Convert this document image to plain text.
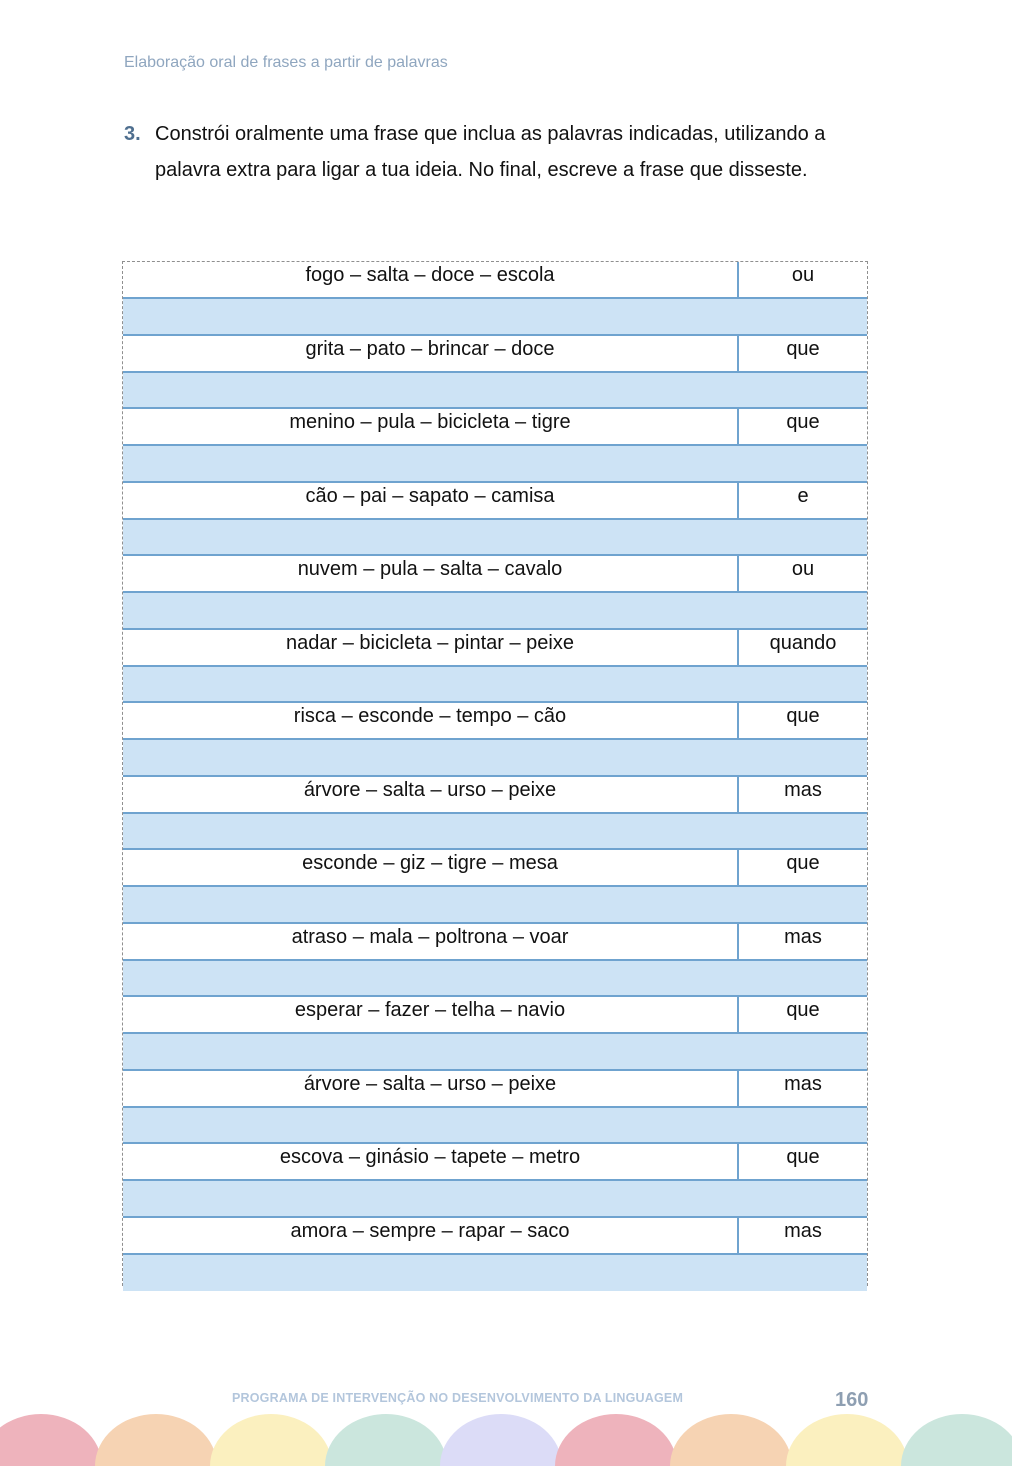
Elaboração oral de frases a partir de palavras
3. Constrói oralmente uma frase que inclua as palavras indicadas, utilizando a palavra extra para ligar a tua ideia. No final, escreve a frase que disseste.
fogo – salta – doce – escola	ou
grita – pato – brincar – doce	que
menino – pula – bicicleta – tigre	que
cão – pai – sapato – camisa	e
nuvem – pula – salta – cavalo	ou
nadar – bicicleta – pintar – peixe	quando
risca – esconde – tempo – cão	que
árvore – salta – urso – peixe	mas
esconde – giz – tigre – mesa	que
atraso – mala – poltrona – voar	mas
esperar – fazer – telha – navio	que
árvore – salta – urso – peixe	mas
escova – ginásio – tapete – metro	que
amora – sempre – rapar – saco	mas
PROGRAMA DE INTERVENÇÃO NO DESENVOLVIMENTO DA LINGUAGEM	160
